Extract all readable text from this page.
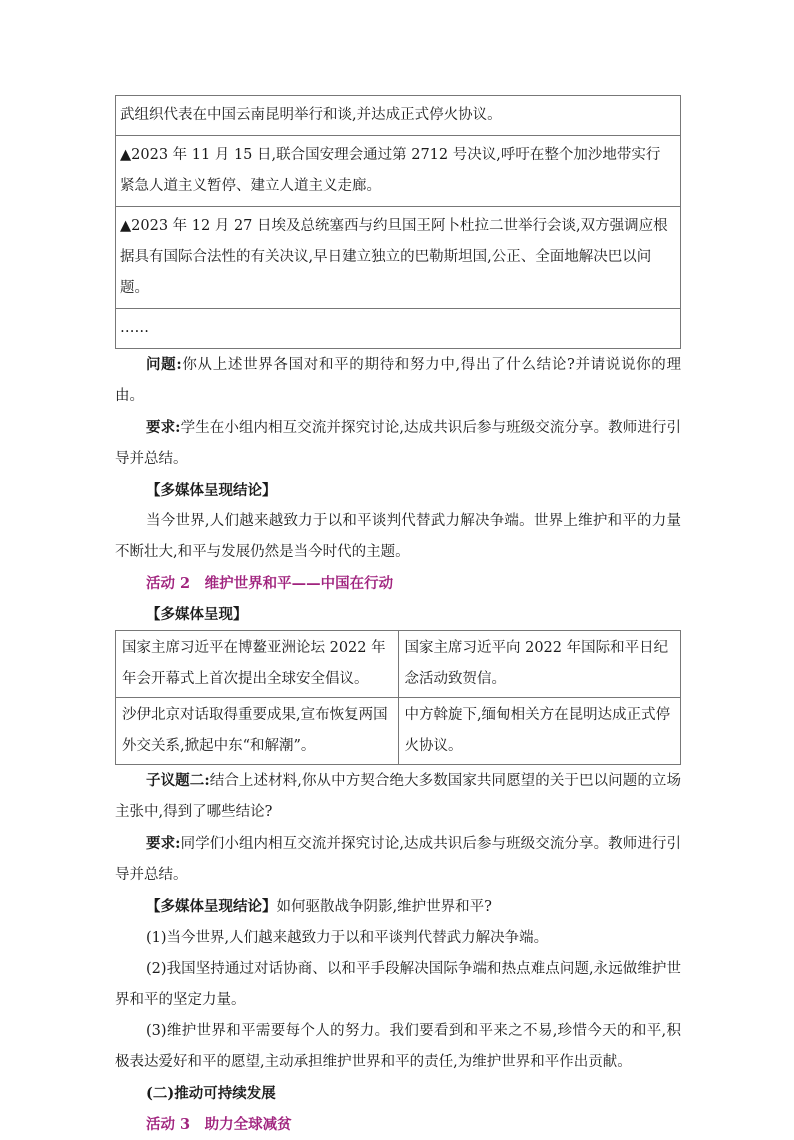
武组织代表在中国云南昆明举行和谈,并达成正式停火协议。
▲2023 年 11 月 15 日,联合国安理会通过第 2712 号决议,呼吁在整个加沙地带实行紧急人道主义暂停、建立人道主义走廊。
▲2023 年 12 月 27 日埃及总统塞西与约旦国王阿卜杜拉二世举行会谈,双方强调应根据具有国际合法性的有关决议,早日建立独立的巴勒斯坦国,公正、全面地解决巴以问题。
……

问题:你从上述世界各国对和平的期待和努力中,得出了什么结论?并请说说你的理由。

要求:学生在小组内相互交流并探究讨论,达成共识后参与班级交流分享。教师进行引导并总结。

【多媒体呈现结论】

当今世界,人们越来越致力于以和平谈判代替武力解决争端。世界上维护和平的力量不断壮大,和平与发展仍然是当今时代的主题。

活动 2　维护世界和平——中国在行动

【多媒体呈现】

国家主席习近平在博鳌亚洲论坛 2022 年年会开幕式上首次提出全球安全倡议。	国家主席习近平向 2022 年国际和平日纪念活动致贺信。
沙伊北京对话取得重要成果,宣布恢复两国外交关系,掀起中东“和解潮”。	中方斡旋下,缅甸相关方在昆明达成正式停火协议。

子议题二:结合上述材料,你从中方契合绝大多数国家共同愿望的关于巴以问题的立场主张中,得到了哪些结论?

要求:同学们小组内相互交流并探究讨论,达成共识后参与班级交流分享。教师进行引导并总结。

【多媒体呈现结论】如何驱散战争阴影,维护世界和平?

(1)当今世界,人们越来越致力于以和平谈判代替武力解决争端。

(2)我国坚持通过对话协商、以和平手段解决国际争端和热点难点问题,永远做维护世界和平的坚定力量。

(3)维护世界和平需要每个人的努力。我们要看到和平来之不易,珍惜今天的和平,积极表达爱好和平的愿望,主动承担维护世界和平的责任,为维护世界和平作出贡献。

(二)推动可持续发展

活动 3　助力全球减贫
